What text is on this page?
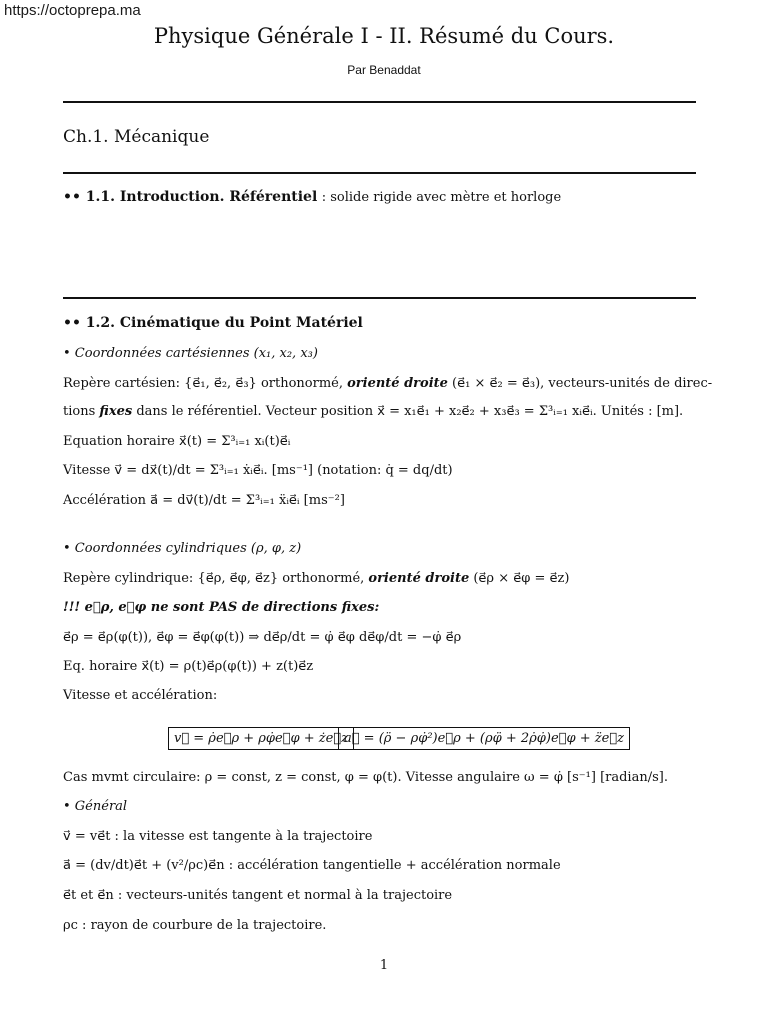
https://octoprepa.ma
Physique Générale I - II. Résumé du Cours.
Par Benaddat
Ch.1. Mécanique
•• 1.1. Introduction. Référentiel : solide rigide avec mètre et horloge
•• 1.2. Cinématique du Point Matériel
• Coordonnées cartésiennes (x₁, x₂, x₃)
Repère cartésien: {e⃗₁, e⃗₂, e⃗₃} orthonormé, orienté droite (e⃗₁ × e⃗₂ = e⃗₃), vecteurs-unités de direc-
tions fixes dans le référentiel. Vecteur position x⃗ = x₁e⃗₁ + x₂e⃗₂ + x₃e⃗₃ = Σ³ᵢ₌₁ xᵢe⃗ᵢ. Unités : [m].
Equation horaire x⃗(t) = Σ³ᵢ₌₁ xᵢ(t)e⃗ᵢ
Vitesse v⃗ = dx⃗(t)/dt = Σ³ᵢ₌₁ ẋᵢe⃗ᵢ. [ms⁻¹] (notation: q̇ = dq/dt)
Accélération a⃗ = dv⃗(t)/dt = Σ³ᵢ₌₁ ẍᵢe⃗ᵢ [ms⁻²]
• Coordonnées cylindriques (ρ, φ, z)
Repère cylindrique: {e⃗ρ, e⃗φ, e⃗z} orthonormé, orienté droite (e⃗ρ × e⃗φ = e⃗z)
!!! e⃗ρ, e⃗φ ne sont PAS de directions fixes:
e⃗ρ = e⃗ρ(φ(t)), e⃗φ = e⃗φ(φ(t)) ⇒ de⃗ρ/dt = φ̇ e⃗φ de⃗φ/dt = −φ̇ e⃗ρ
Eq. horaire x⃗(t) = ρ(t)e⃗ρ(φ(t)) + z(t)e⃗z
Vitesse et accélération:
v⃗ = ρ̇e⃗ρ + ρφ̇e⃗φ + że⃗z
a⃗ = (ρ̈ − ρφ̇²)e⃗ρ + (ρφ̈ + 2ρ̇φ̇)e⃗φ + z̈e⃗z
Cas mvmt circulaire: ρ = const, z = const, φ = φ(t). Vitesse angulaire ω = φ̇ [s⁻¹] [radian/s].
• Général
v⃗ = ve⃗t : la vitesse est tangente à la trajectoire
a⃗ = (dv/dt)e⃗t + (v²/ρc)e⃗n : accélération tangentielle + accélération normale
e⃗t et e⃗n : vecteurs-unités tangent et normal à la trajectoire
ρc : rayon de courbure de la trajectoire.
1
